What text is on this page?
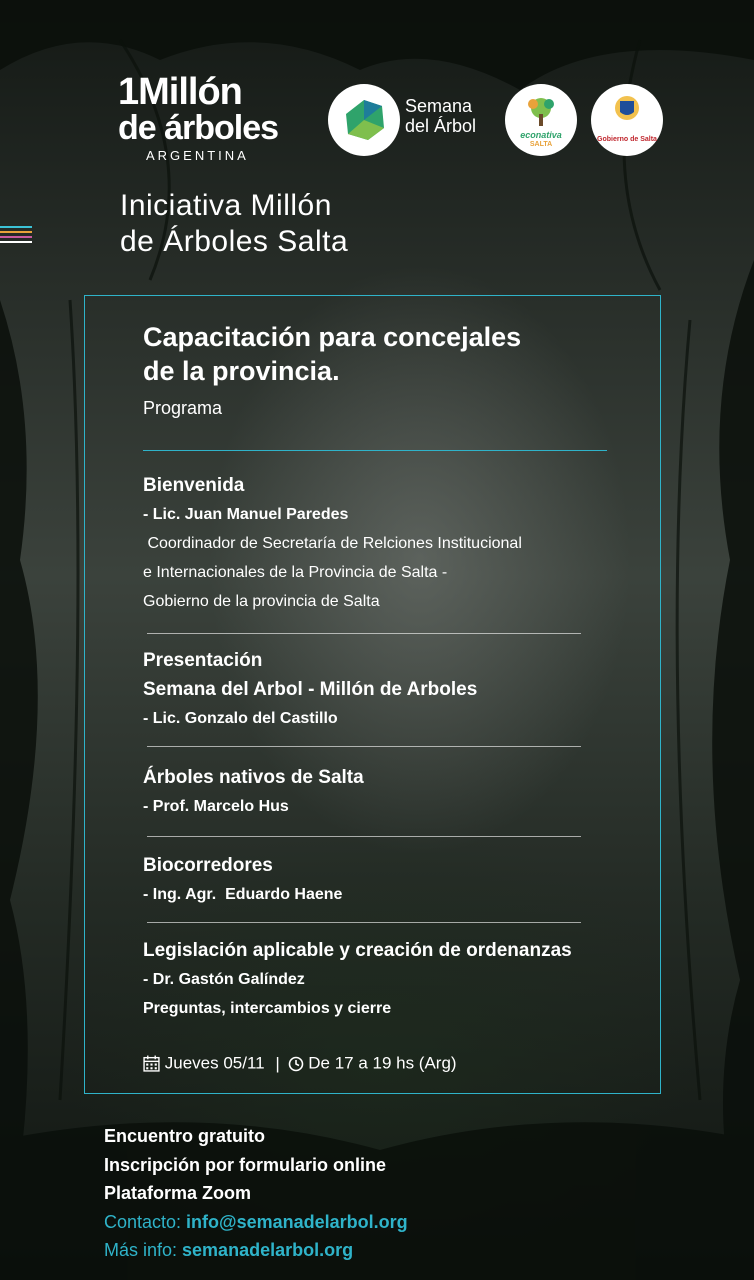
1Millón
de árboles
ARGENTINA
Semana
del Árbol	econativa
SALTA
Gobierno de Salta
Iniciativa Millón
de Árboles Salta
Capacitación para concejales
de la provincia.
Programa
Bienvenida
- Lic. Juan Manuel Paredes
Coordinador de Secretaría de Relciones Institucional
e Internacionales de la Provincia de Salta -
Gobierno de la provincia de Salta
Presentación
Semana del Arbol - Millón de Arboles
- Lic. Gonzalo del Castillo
Árboles nativos de Salta
- Prof. Marcelo Hus
Biocorredores
- Ing. Agr.  Eduardo Haene
Legislación aplicable y creación de ordenanzas
- Dr. Gastón Galíndez
Preguntas, intercambios y cierre
Jueves 05/11 | De 17 a 19 hs (Arg)
Encuentro gratuito
Inscripción por formulario online
Plataforma Zoom
Contacto: info@semanadelarbol.org
Más info: semanadelarbol.org
